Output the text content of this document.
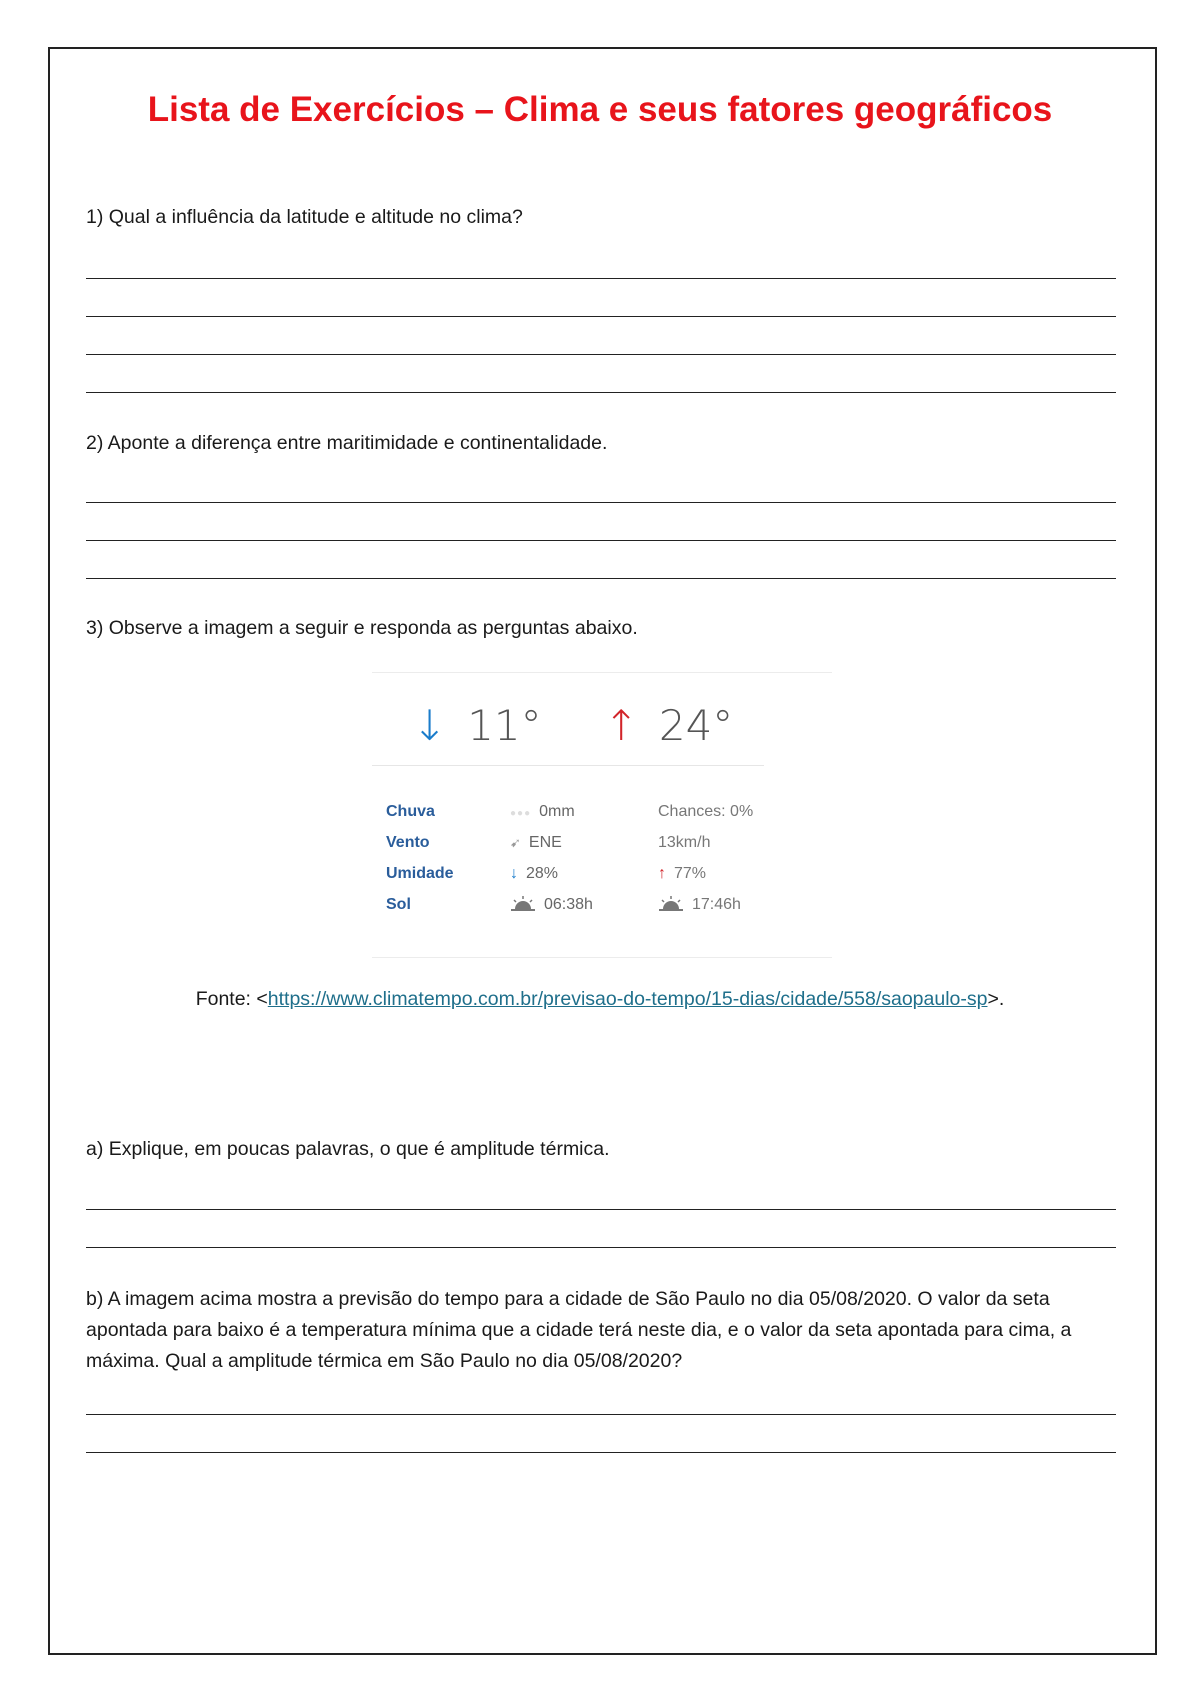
Lista de Exercícios – Clima e seus fatores geográficos
1) Qual a influência da latitude e altitude no clima?
2) Aponte a diferença entre maritimidade e continentalidade.
3) Observe a imagem a seguir e responda as perguntas abaixo.
↓ 11° ↑ 24°
Chuva	●●● 0mm	Chances: 0%
Vento	➹ ENE	13km/h
Umidade	↓ 28%	↑ 77%
Sol	06:38h	17:46h
Fonte: <https://www.climatempo.com.br/previsao-do-tempo/15-dias/cidade/558/saopaulo-sp>.
a) Explique, em poucas palavras, o que é amplitude térmica.
b) A imagem acima mostra a previsão do tempo para a cidade de São Paulo no dia 05/08/2020. O valor da seta apontada para baixo é a temperatura mínima que a cidade terá neste dia, e o valor da seta apontada para cima, a máxima. Qual a amplitude térmica em São Paulo no dia 05/08/2020?
